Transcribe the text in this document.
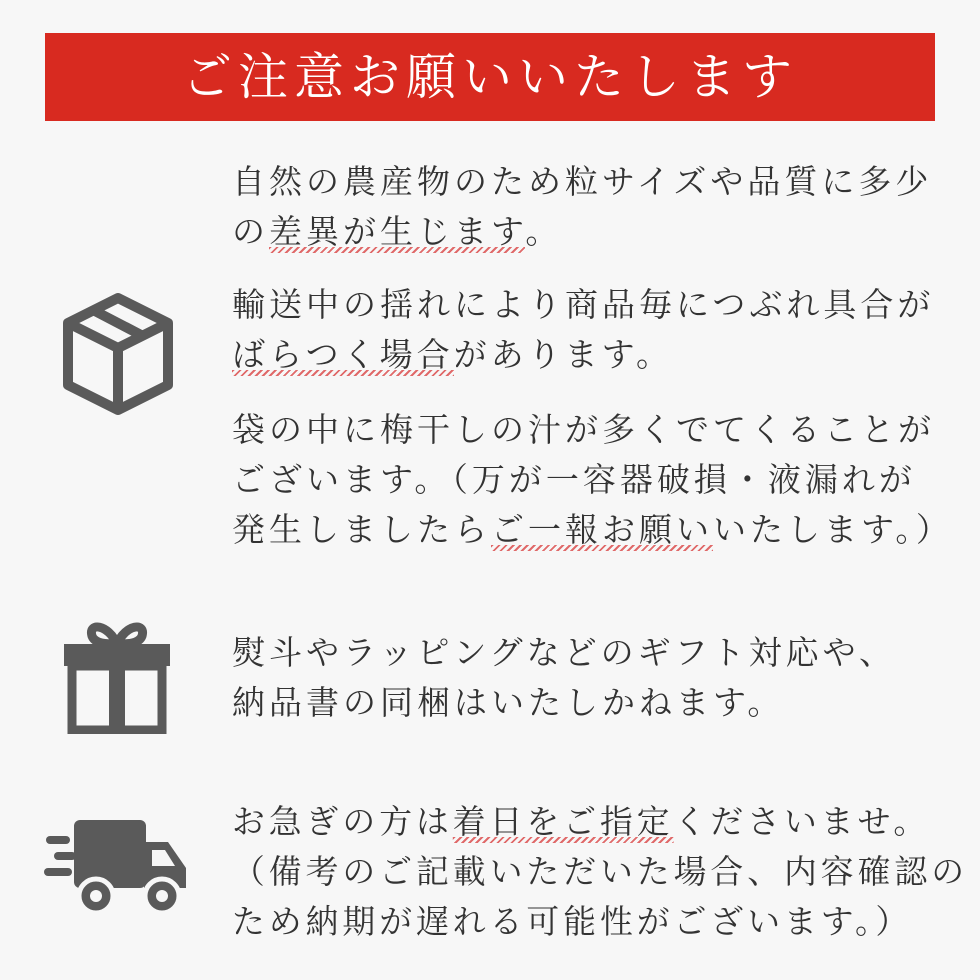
ご注意お願いいたします
自然の農産物のため粒サイズや品質に多少
の差異が生じます。
輸送中の揺れにより商品毎につぶれ具合が
ばらつく場合があります。
袋の中に梅干しの汁が多くでてくることが
ございます。（万が一容器破損・液漏れが
発生しましたらご一報お願いいたします。）
熨斗やラッピングなどのギフト対応や、
納品書の同梱はいたしかねます。
お急ぎの方は着日をご指定くださいませ。
（備考のご記載いただいた場合、内容確認の
ため納期が遅れる可能性がございます。）
